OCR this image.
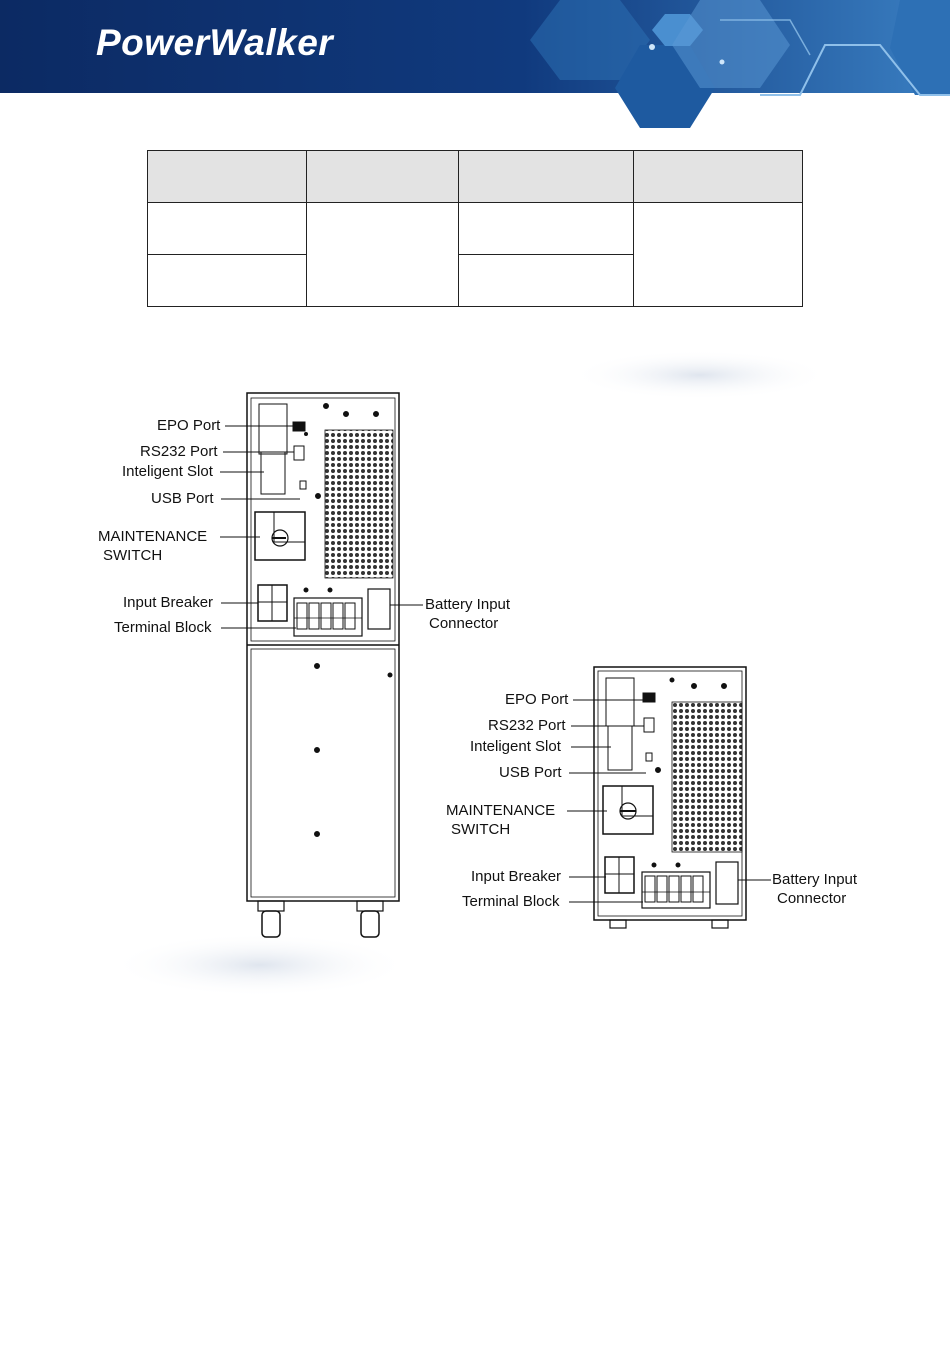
PowerWalker

EPO Port
RS232 Port
Inteligent Slot
USB Port
MAINTENANCE
SWITCH
Input Breaker
Terminal Block
Battery Input
Connector
EPO Port
RS232 Port
Inteligent Slot
USB Port
MAINTENANCE
SWITCH
Input Breaker
Terminal Block
Battery Input
Connector
